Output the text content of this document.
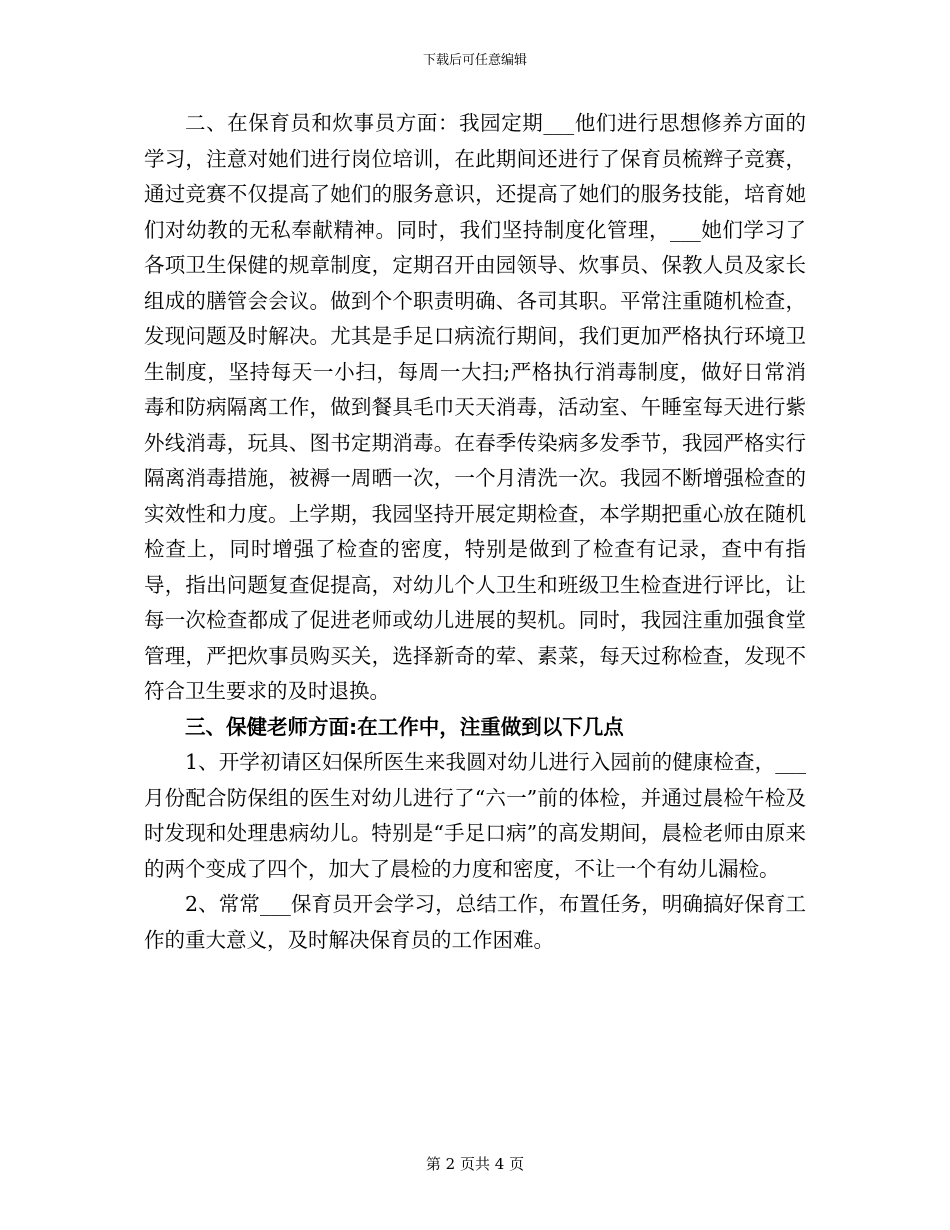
下载后可任意编辑

二、在保育员和炊事员方面：我园定期___他们进行思想修养方面的学习，注意对她们进行岗位培训，在此期间还进行了保育员梳辫子竞赛，通过竞赛不仅提高了她们的服务意识，还提高了她们的服务技能，培育她们对幼教的无私奉献精神。同时，我们坚持制度化管理，___她们学习了各项卫生保健的规章制度，定期召开由园领导、炊事员、保教人员及家长组成的膳管会会议。做到个个职责明确、各司其职。平常注重随机检查，发现问题及时解决。尤其是手足口病流行期间，我们更加严格执行环境卫生制度，坚持每天一小扫，每周一大扫;严格执行消毒制度，做好日常消毒和防病隔离工作，做到餐具毛巾天天消毒，活动室、午睡室每天进行紫外线消毒，玩具、图书定期消毒。在春季传染病多发季节，我园严格实行隔离消毒措施，被褥一周晒一次，一个月清洗一次。我园不断增强检查的实效性和力度。上学期，我园坚持开展定期检查，本学期把重心放在随机检查上，同时增强了检查的密度，特别是做到了检查有记录，查中有指导，指出问题复查促提高，对幼儿个人卫生和班级卫生检查进行评比，让每一次检查都成了促进老师或幼儿进展的契机。同时，我园注重加强食堂管理，严把炊事员购买关，选择新奇的荤、素菜，每天过称检查，发现不符合卫生要求的及时退换。

三、保健老师方面:在工作中，注重做到以下几点

1、开学初请区妇保所医生来我圆对幼儿进行入园前的健康检查，___月份配合防保组的医生对幼儿进行了“六一”前的体检，并通过晨检午检及时发现和处理患病幼儿。特别是“手足口病”的高发期间，晨检老师由原来的两个变成了四个，加大了晨检的力度和密度，不让一个有幼儿漏检。

2、常常___保育员开会学习，总结工作，布置任务，明确搞好保育工作的重大意义，及时解决保育员的工作困难。

第 2 页共 4 页
